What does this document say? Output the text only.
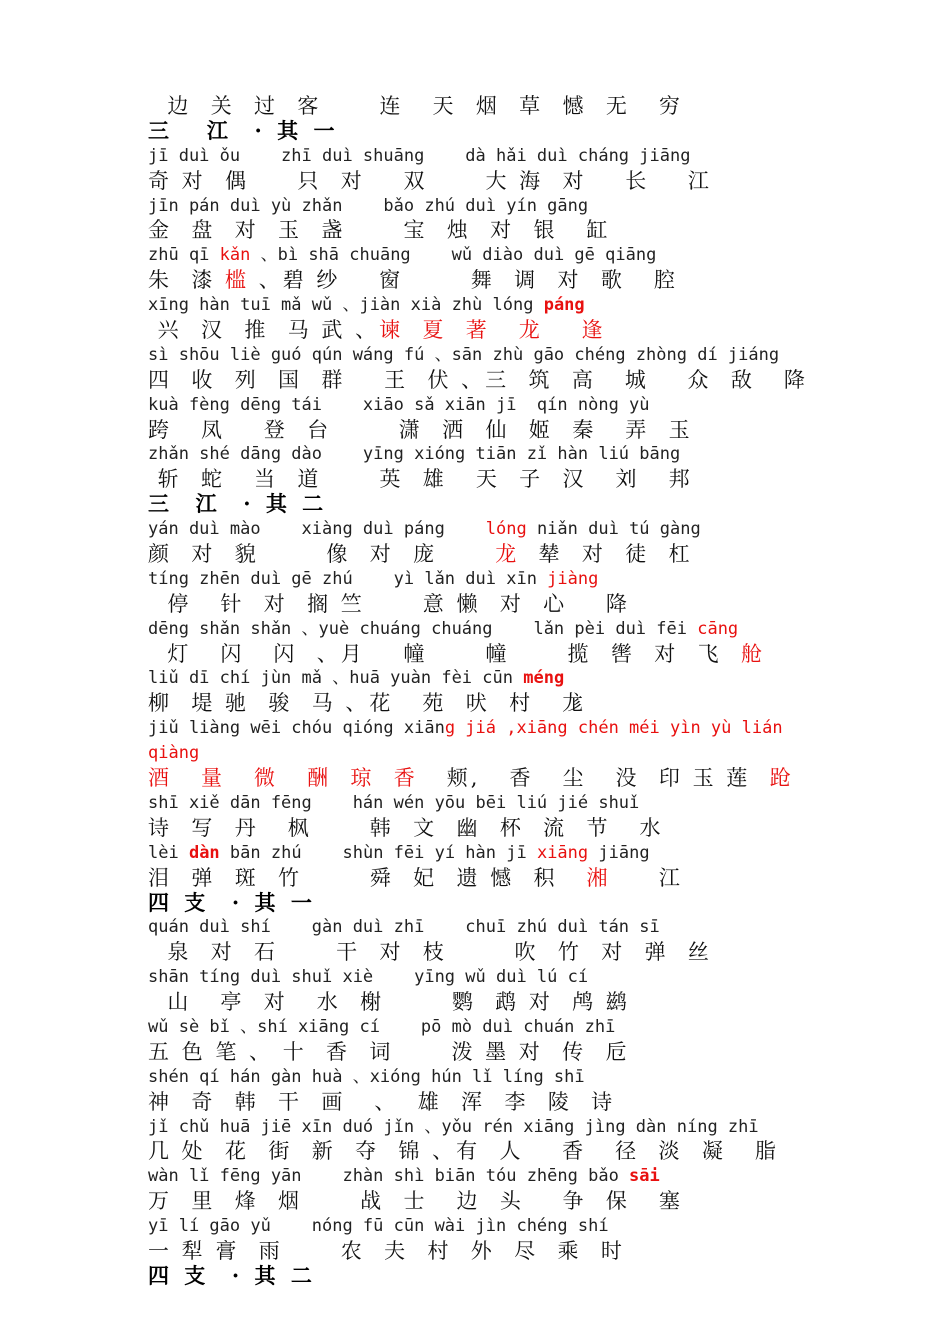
边  关  过  客      连   天  烟  草  憾  无   穷
三   江  · 其 一
jī duì ǒu    zhī duì shuāng    dà hǎi duì cháng jiāng
奇 对  偶     只  对    双      大 海  对    长    江
jīn pán duì yù zhǎn    bǎo zhú duì yín gāng
金  盘  对  玉  盏      宝  烛  对  银   缸
zhū qī kǎn 、bì shā chuāng    wǔ diào duì gē qiāng
朱  漆 槛 、碧 纱    窗       舞  调  对  歌   腔
xīng hàn tuī mǎ wǔ 、jiàn xià zhù lóng páng
兴  汉  推  马 武 、谏  夏  著   龙    逢
sì shōu liè guó qún wáng fú 、sān zhù gāo chéng zhòng dí jiáng
四  收  列  国  群    王  伏 、三  筑  高   城    众  敌   降
kuà fèng dēng tái    xiāo sǎ xiān jī  qín nòng yù
跨   凤    登  台       潇  洒  仙  姬  秦   弄  玉
zhǎn shé dāng dào    yīng xióng tiān zǐ hàn liú bāng
斩  蛇   当  道      英  雄   天  子  汉   刘   邦
三  江  · 其 二
yán duì mào    xiàng duì páng    lóng niǎn duì tú gàng
颜  对  貌       像  对  庞      龙  辇  对  徒  杠
tíng zhēn duì gē zhú    yì lǎn duì xīn jiàng
停   针  对  搁 竺      意 懒  对  心    降
dēng shǎn shǎn 、yuè chuáng chuáng    lǎn pèi duì fēi cāng
灯   闪   闪  、月    幢      幢      揽  辔  对  飞  舱
liǔ dī chí jùn mǎ 、huā yuàn fèi cūn méng
柳  堤 驰  骏  马 、花   苑  吠  村   尨
jiǔ liàng wēi chóu qióng xiāng jiá ,xiāng chén méi yìn yù lián
qiàng
酒   量   微   酬  琼  香   颊,   香   尘   没  印 玉 莲  跄
shī xiě dān fēng    hán wén yōu bēi liú jié shuǐ
诗  写  丹   枫      韩  文  幽  杯  流  节   水
lèi dàn bān zhú    shùn fēi yí hàn jī xiāng jiāng
泪  弹  斑  竹       舜  妃  遗 憾  积   湘     江
四 支  · 其 一
quán duì shí    gàn duì zhī    chuī zhú duì tán sī
泉  对  石      干  对  枝       吹  竹  对  弹  丝
shān tíng duì shuǐ xiè    yīng wǔ duì lú cí
山   亭  对   水  榭       鹦  鹉 对  鸬 鹚
wǔ sè bǐ 、shí xiāng cí    pō mò duì chuán zhī
五 色 笔 、 十  香  词      泼 墨 对  传  卮
shén qí hán gàn huà 、xióng hún lǐ líng shī
神  奇  韩  干  画   、  雄  浑  李  陵  诗
jǐ chǔ huā jiē xīn duó jǐn 、yǒu rén xiāng jìng dàn níng zhī
几 处  花  街  新  夺  锦 、有  人    香   径  淡  凝   脂
wàn lǐ fēng yān    zhàn shì biān tóu zhēng bǎo sāi
万  里  烽  烟      战  士   边  头    争  保   塞
yī lí gāo yǔ    nóng fū cūn wài jìn chéng shí
一 犁 膏  雨      农  夫  村  外  尽  乘  时
四 支  · 其 二
